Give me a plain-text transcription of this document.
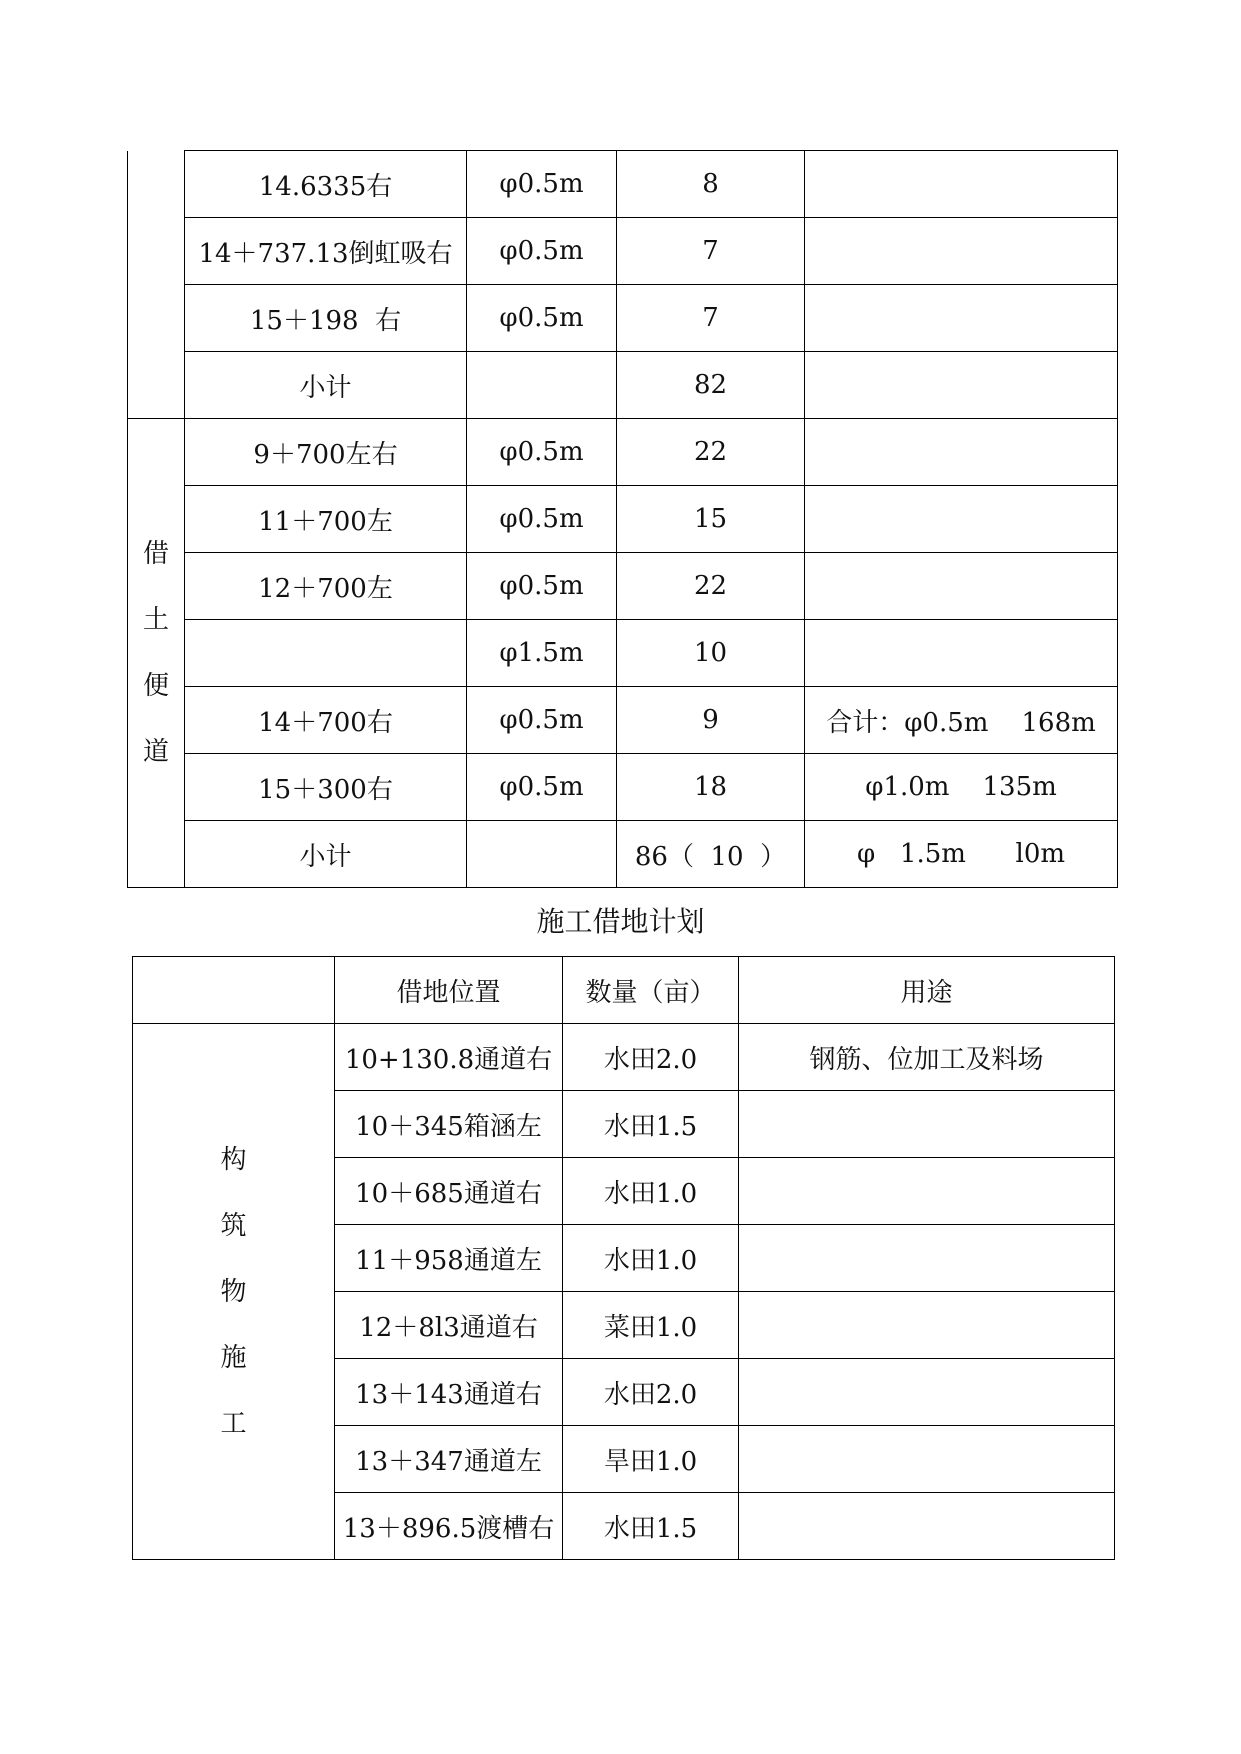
	14.6335右	φ0.5m	8	
	14＋737.13倒虹吸右	φ0.5m	7	
	15＋198  右	φ0.5m	7	
	小计		82	
借土便道	9＋700左右	φ0.5m	22	
	11＋700左	φ0.5m	15	
	12＋700左	φ0.5m	22	
		φ1.5m	10	
	14＋700右	φ0.5m	9	合计：φ0.5m    168m
	15＋300右	φ0.5m	18	φ1.0m    135m
	小计		86（  10  ）	φ   1.5m      l0m
施工借地计划
	借地位置	数量（亩）	用途
构筑物施工	10+130.8通道右	水田2.0	钢筋、位加工及料场
	10＋345箱涵左	水田1.5	
	10＋685通道右	水田1.0	
	11＋958通道左	水田1.0	
	12＋8l3通道右	菜田1.0	
	13＋143通道右	水田2.0	
	13＋347通道左	旱田1.0	
	13＋896.5渡槽右	水田1.5	
